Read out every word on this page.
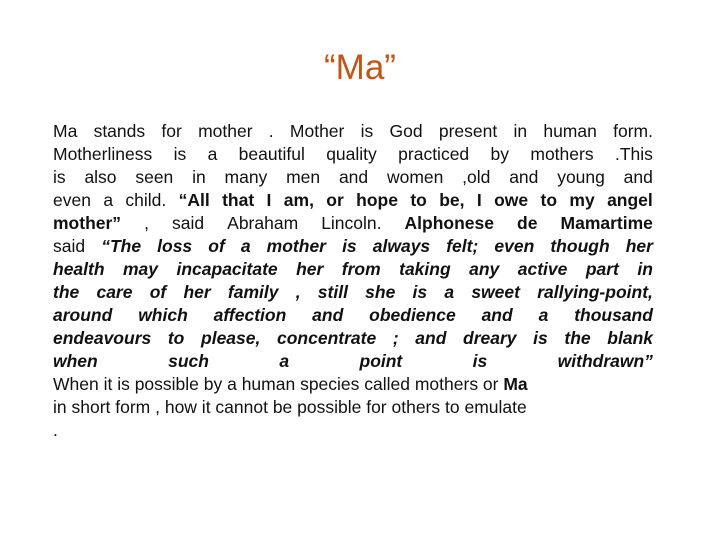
“Ma”
Ma stands for mother . Mother is God present in human form.
Motherliness is a beautiful quality practiced by mothers .This
is also seen in many men and women ,old and young and
even a child. “All that I am, or hope to be, I owe to my angel
mother” , said Abraham Lincoln. Alphonese de Mamartime
said “The loss of a mother is always felt; even though her
health may incapacitate her from taking any active part in
the care of her family , still she is a sweet rallying-point,
around which affection and obedience and a thousand
endeavours to please, concentrate ; and dreary is the blank
when	such	a	point	is	withdrawn”
When it is possible by a human species called mothers or Ma
in short form , how it cannot be possible for others to emulate
.
